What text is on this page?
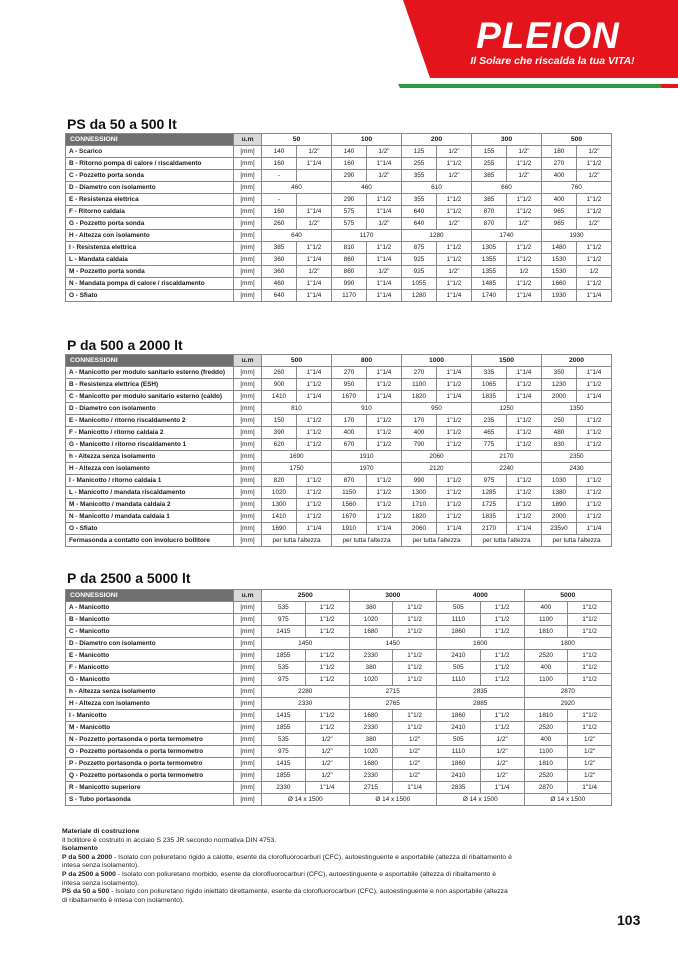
PLEION
Il Solare che riscalda la tua VITA!
PS da 50 a 500 lt
CONNESSIONI	u.m	50		100		200		300		500	
A - Scarico	[mm]	140	1/2"	140	1/2"	125	1/2"	155	1/2"	180	1/2"
B - Ritorno pompa di calore / riscaldamento	[mm]	160	1"1/4	160	1"1/4	255	1"1/2	255	1"1/2	270	1"1/2
C - Pozzetto porta sonda	[mm]	-		290	1/2"	355	1/2"	385	1/2"	400	1/2"
D - Diametro con isolamento	[mm]	460		460		610		660		760	
E - Resistenza elettrica	[mm]	-		290	1"1/2	355	1"1/2	385	1"1/2	400	1"1/2
F - Ritorno caldaia	[mm]	160	1"1/4	575	1"1/4	640	1"1/2	870	1"1/2	965	1"1/2
G - Pozzetto porta sonda	[mm]	260	1/2"	575	1/2"	640	1/2"	870	1/2"	965	1/2"
H - Altezza con isolamento	[mm]	640		1170		1280		1740		1930	
I - Resistenza elettrica	[mm]	385	1"1/2	810	1"1/2	875	1"1/2	1305	1"1/2	1480	1"1/2
L - Mandata caldaia	[mm]	360	1"1/4	860	1"1/4	925	1"1/2	1355	1"1/2	1530	1"1/2
M - Pozzetto porta sonda	[mm]	360	1/2"	860	1/2"	925	1/2"	1355	1/2	1530	1/2
N - Mandata pompa di calore / riscaldamento	[mm]	460	1"1/4	990	1"1/4	1055	1"1/2	1485	1"1/2	1660	1"1/2
O - Sfiato	[mm]	640	1"1/4	1170	1"1/4	1280	1"1/4	1740	1"1/4	1930	1"1/4
P da 500 a 2000 lt
CONNESSIONI	u.m	500		800		1000		1500		2000	
A - Manicotto per modulo sanitario esterno (freddo)	[mm]	260	1"1/4	270	1"1/4	270	1"1/4	335	1"1/4	350	1"1/4
B - Resistenza elettrica (ESH)	[mm]	900	1"1/2	950	1"1/2	1100	1"1/2	1065	1"1/2	1230	1"1/2
C - Manicotto per modulo sanitario esterno (caldo)	[mm]	1410	1"1/4	1670	1"1/4	1820	1"1/4	1835	1"1/4	2000	1"1/4
D - Diametro con isolamento	[mm]	810		910		950		1250		1350	
E - Manicotto / ritorno riscaldamento 2	[mm]	150	1"1/2	170	1"1/2	170	1"1/2	235	1"1/2	250	1"1/2
F - Manicotto / ritorno caldaia 2	[mm]	390	1"1/2	400	1"1/2	400	1"1/2	465	1"1/2	480	1"1/2
G - Manicotto / ritorno riscaldamento 1	[mm]	620	1"1/2	670	1"1/2	790	1"1/2	775	1"1/2	830	1"1/2
h - Altezza senza isolamento	[mm]	1690		1910		2060		2170		2350	
H - Altezza con isolamento	[mm]	1750		1970		2120		2240		2430	
I - Manicotto / ritorno caldaia 1	[mm]	820	1"1/2	870	1"1/2	990	1"1/2	975	1"1/2	1030	1"1/2
L - Manicotto / mandata riscaldamento	[mm]	1020	1"1/2	1150	1"1/2	1300	1"1/2	1285	1"1/2	1380	1"1/2
M - Manicotto / mandata caldaia 2	[mm]	1300	1"1/2	1560	1"1/2	1710	1"1/2	1725	1"1/2	1890	1"1/2
N - Manicotto / mandata caldaia 1	[mm]	1410	1"1/2	1670	1"1/2	1820	1"1/2	1835	1"1/2	2000	1"1/2
O - Sfiato	[mm]	1690	1"1/4	1910	1"1/4	2060	1"1/4	2170	1"1/4	235v0	1"1/4
Fermasonda a contatto con involucro bollitore	[mm]	per tutta l'altezza		per tutta l'altezza		per tutta l'altezza		per tutta l'altezza		per tutta l'altezza	
P da 2500 a 5000 lt
CONNESSIONI	u.m	2500		3000		4000		5000	
A - Manicotto	[mm]	535	1"1/2	380	1"1/2	505	1"1/2	400	1"1/2
B - Manicotto	[mm]	975	1"1/2	1020	1"1/2	1110	1"1/2	1100	1"1/2
C - Manicotto	[mm]	1415	1"1/2	1680	1"1/2	1860	1"1/2	1810	1"1/2
D - Diametro con isolamento	[mm]	1450		1450		1600		1800	
E - Manicotto	[mm]	1855	1"1/2	2330	1"1/2	2410	1"1/2	2520	1"1/2
F - Manicotto	[mm]	535	1"1/2	380	1"1/2	505	1"1/2	400	1"1/2
G - Manicotto	[mm]	975	1"1/2	1020	1"1/2	1110	1"1/2	1100	1"1/2
h - Altezza senza isolamento	[mm]	2280		2715		2835		2870	
H - Altezza con isolamento	[mm]	2330		2765		2885		2920	
I - Manicotto	[mm]	1415	1"1/2	1680	1"1/2	1860	1"1/2	1810	1"1/2
M - Manicotto	[mm]	1855	1"1/2	2330	1"1/2	2410	1"1/2	2520	1"1/2
N - Pozzetto portasonda o porta termometro	[mm]	535	1/2"	380	1/2"	505	1/2"	400	1/2"
O - Pozzetto portasonda o porta termometro	[mm]	975	1/2"	1020	1/2"	1110	1/2"	1100	1/2"
P - Pozzetto portasonda o porta termometro	[mm]	1415	1/2"	1680	1/2"	1860	1/2"	1810	1/2"
Q - Pozzetto portasonda o porta termometro	[mm]	1855	1/2"	2330	1/2"	2410	1/2"	2520	1/2"
R - Manicotto superiore	[mm]	2330	1"1/4	2715	1"1/4	2835	1"1/4	2870	1"1/4
S - Tubo portasonda	[mm]	Ø 14 x 1500		Ø 14 x 1500		Ø 14 x 1500		Ø 14 x 1500	

Materiale di costruzione

Il bollitore è costruito in acciaio S 235 JR secondo normativa DIN 4753.

Isolamento

P da 500 a 2000 - Isolato con poliuretano rigido a calotte, esente da clorofluorocarburi (CFC), autoestinguente e asportabile (altezza di ribaltamento è intesa senza isolamento).

P da 2500 a 5000 - Isolato con poliuretano morbido, esente da clorofluorocarburi (CFC), autoestinguente e asportabile (altezza di ribaltamento è intesa senza isolamento).

PS da 50 a 500 - Isolato con poliuretano rigido iniettato direttamente, esente da clorofluorocarburi (CFC), autoestinguente e non asportabile (altezza di ribaltamento è intesa con isolamento).

103
